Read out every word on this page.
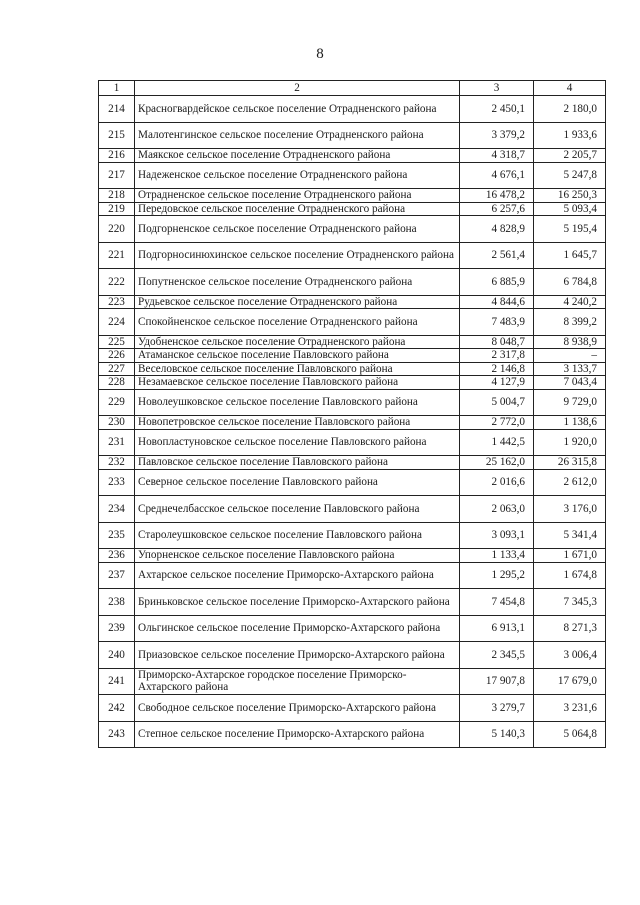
8
1	2	3	4
214	Красногвардейское сельское поселение Отрадненского района	2 450,1	2 180,0
215	Малотенгинское сельское поселение Отрадненского района	3 379,2	1 933,6
216	Маякское сельское поселение Отрадненского района	4 318,7	2 205,7
217	Надеженское сельское поселение Отрадненского района	4 676,1	5 247,8
218	Отрадненское сельское поселение Отрадненского района	16 478,2	16 250,3
219	Передовское сельское поселение Отрадненского района	6 257,6	5 093,4
220	Подгорненское сельское поселение Отрадненского района	4 828,9	5 195,4
221	Подгорносинюхинское сельское поселение Отрадненского района	2 561,4	1 645,7
222	Попутненское сельское поселение Отрадненского района	6 885,9	6 784,8
223	Рудьевское сельское поселение Отрадненского района	4 844,6	4 240,2
224	Спокойненское сельское поселение Отрадненского района	7 483,9	8 399,2
225	Удобненское сельское поселение Отрадненского района	8 048,7	8 938,9
226	Атаманское сельское поселение Павловского района	2 317,8	–
227	Веселовское сельское поселение Павловского района	2 146,8	3 133,7
228	Незамаевское сельское поселение Павловского района	4 127,9	7 043,4
229	Новолеушковское сельское поселение Павловского района	5 004,7	9 729,0
230	Новопетровское сельское поселение Павловского района	2 772,0	1 138,6
231	Новопластуновское сельское поселение Павловского района	1 442,5	1 920,0
232	Павловское сельское поселение Павловского района	25 162,0	26 315,8
233	Северное сельское поселение Павловского района	2 016,6	2 612,0
234	Среднечелбасское сельское поселение Павловского района	2 063,0	3 176,0
235	Старолеушковское сельское поселение Павловского района	3 093,1	5 341,4
236	Упорненское сельское поселение Павловского района	1 133,4	1 671,0
237	Ахтарское сельское поселение Приморско-Ахтарского района	1 295,2	1 674,8
238	Бриньковское сельское поселение Приморско-Ахтарского района	7 454,8	7 345,3
239	Ольгинское сельское поселение Приморско-Ахтарского района	6 913,1	8 271,3
240	Приазовское сельское поселение Приморско-Ахтарского района	2 345,5	3 006,4
241	Приморско-Ахтарское городское поселение Приморско-Ахтарского района	17 907,8	17 679,0
242	Свободное сельское поселение Приморско-Ахтарского района	3 279,7	3 231,6
243	Степное сельское поселение Приморско-Ахтарского района	5 140,3	5 064,8
